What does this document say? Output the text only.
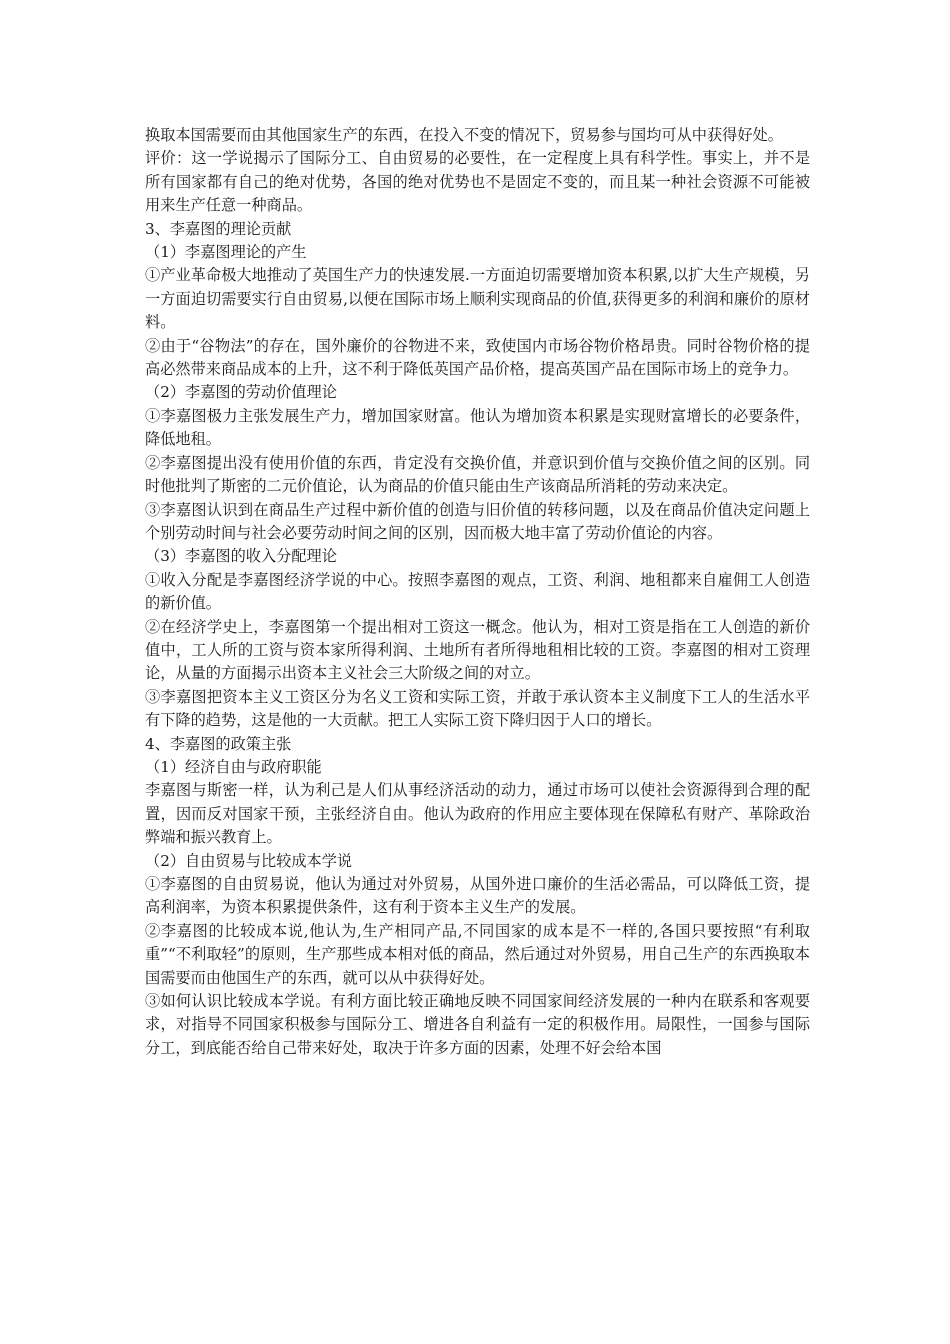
换取本国需要而由其他国家生产的东西，在投入不变的情况下，贸易参与国均可从中获得好处。

评价：这一学说揭示了国际分工、自由贸易的必要性，在一定程度上具有科学性。事实上，并不是所有国家都有自己的绝对优势，各国的绝对优势也不是固定不变的，而且某一种社会资源不可能被用来生产任意一种商品。

3、李嘉图的理论贡献

（1）李嘉图理论的产生

①产业革命极大地推动了英国生产力的快速发展.一方面迫切需要增加资本积累,以扩大生产规模，另一方面迫切需要实行自由贸易,以便在国际市场上顺利实现商品的价值,获得更多的利润和廉价的原材料。

②由于“谷物法”的存在，国外廉价的谷物进不来，致使国内市场谷物价格昂贵。同时谷物价格的提高必然带来商品成本的上升，这不利于降低英国产品价格，提高英国产品在国际市场上的竞争力。

（2）李嘉图的劳动价值理论

①李嘉图极力主张发展生产力，增加国家财富。他认为增加资本积累是实现财富增长的必要条件，降低地租。

②李嘉图提出没有使用价值的东西，肯定没有交换价值，并意识到价值与交换价值之间的区别。同时他批判了斯密的二元价值论，认为商品的价值只能由生产该商品所消耗的劳动来决定。

③李嘉图认识到在商品生产过程中新价值的创造与旧价值的转移问题，以及在商品价值决定问题上个别劳动时间与社会必要劳动时间之间的区别，因而极大地丰富了劳动价值论的内容。

（3）李嘉图的收入分配理论

①收入分配是李嘉图经济学说的中心。按照李嘉图的观点，工资、利润、地租都来自雇佣工人创造的新价值。

②在经济学史上，李嘉图第一个提出相对工资这一概念。他认为，相对工资是指在工人创造的新价值中，工人所的工资与资本家所得利润、土地所有者所得地租相比较的工资。李嘉图的相对工资理论，从量的方面揭示出资本主义社会三大阶级之间的对立。

③李嘉图把资本主义工资区分为名义工资和实际工资，并敢于承认资本主义制度下工人的生活水平有下降的趋势，这是他的一大贡献。把工人实际工资下降归因于人口的增长。

4、李嘉图的政策主张

（1）经济自由与政府职能

李嘉图与斯密一样，认为利己是人们从事经济活动的动力，通过市场可以使社会资源得到合理的配置，因而反对国家干预，主张经济自由。他认为政府的作用应主要体现在保障私有财产、革除政治弊端和振兴教育上。

（2）自由贸易与比较成本学说

①李嘉图的自由贸易说，他认为通过对外贸易，从国外进口廉价的生活必需品，可以降低工资，提高利润率，为资本积累提供条件，这有利于资本主义生产的发展。

②李嘉图的比较成本说,他认为,生产相同产品,不同国家的成本是不一样的,各国只要按照“有利取重”“不利取轻”的原则，生产那些成本相对低的商品，然后通过对外贸易，用自己生产的东西换取本国需要而由他国生产的东西，就可以从中获得好处。

③如何认识比较成本学说。有利方面比较正确地反映不同国家间经济发展的一种内在联系和客观要求，对指导不同国家积极参与国际分工、增进各自利益有一定的积极作用。局限性，一国参与国际分工，到底能否给自己带来好处，取决于许多方面的因素，处理不好会给本国
